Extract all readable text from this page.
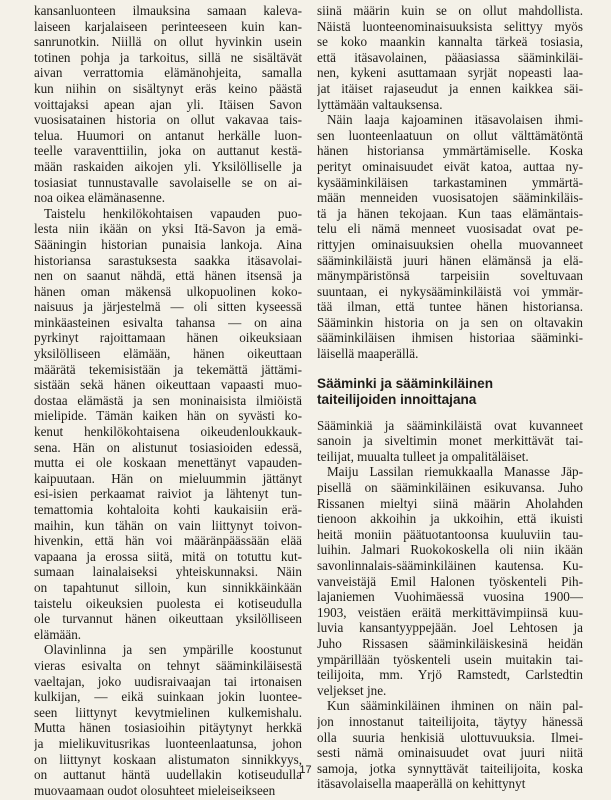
kansanluonteen ilmauksina samaan kaleva-
laiseen karjalaiseen perinteeseen kuin kan-
sanrunotkin. Niillä on ollut hyvinkin usein
totinen pohja ja tarkoitus, sillä ne sisältävät
aivan verrattomia elämänohjeita, samalla
kun niihin on sisältynyt eräs keino päästä
voittajaksi apean ajan yli. Itäisen Savon
vuosisatainen historia on ollut vakavaa tais-
telua. Huumori on antanut herkälle luon-
teelle varaventtiilin, joka on auttanut kestä-
mään raskaiden aikojen yli. Yksilölliselle ja
tosiasiat tunnustavalle savolaiselle se on ai-
noa oikea elämänasenne.

Taistelu henkilökohtaisen vapauden puo-
lesta niin ikään on yksi Itä-Savon ja emä-
Sääningin historian punaisia lankoja. Aina
historiansa sarastuksesta saakka itäsavolai-
nen on saanut nähdä, että hänen itsensä ja
hänen oman mäkensä ulkopuolinen koko-
naisuus ja järjestelmä — oli sitten kyseessä
minkäasteinen esivalta tahansa — on aina
pyrkinyt rajoittamaan hänen oikeuksiaan
yksilölliseen elämään, hänen oikeuttaan
määrätä tekemisistään ja tekemättä jättämi-
sistään sekä hänen oikeuttaan vapaasti muo-
dostaa elämästä ja sen moninaisista ilmiöistä
mielipide. Tämän kaiken hän on syvästi ko-
kenut henkilökohtaisena oikeudenloukkauk-
sena. Hän on alistunut tosiasioiden edessä,
mutta ei ole koskaan menettänyt vapauden-
kaipuutaan. Hän on mieluummin jättänyt
esi-isien perkaamat raiviot ja lähtenyt tun-
temattomia kohtaloita kohti kaukaisiin erä-
maihin, kun tähän on vain liittynyt toivon-
hivenkin, että hän voi määränpäässään elää
vapaana ja erossa siitä, mitä on totuttu kut-
sumaan lainalaiseksi yhteiskunnaksi. Näin
on tapahtunut silloin, kun sinnikkäinkään
taistelu oikeuksien puolesta ei kotiseudulla
ole turvannut hänen oikeuttaan yksilölliseen
elämään.

Olavinlinna ja sen ympärille koostunut
vieras esivalta on tehnyt sääminkiläisestä
vaeltajan, joko uudisraivaajan tai irtonaisen
kulkijan, — eikä suinkaan jokin luontee-
seen liittynyt kevytmielinen kulkemishalu.
Mutta hänen tosiasioihin pitäytynyt herkkä
ja mielikuvitusrikas luonteenlaatunsa, johon
on liittynyt koskaan alistumaton sinnikkyys,
on auttanut häntä uudellakin kotiseudulla
muovaamaan oudot olosuhteet mieleiseikseen

siinä määrin kuin se on ollut mahdollista.
Näistä luonteenominaisuuksista selittyy myös
se koko maankin kannalta tärkeä tosiasia,
että itäsavolainen, pääasiassa sääminkiläi-
nen, kykeni asuttamaan syrjät nopeasti laa-
jat itäiset rajaseudut ja ennen kaikkea säi-
lyttämään valtauksensa.

Näin laaja kajoaminen itäsavolaisen ihmi-
sen luonteenlaatuun on ollut välttämätöntä
hänen historiansa ymmärtämiselle. Koska
perityt ominaisuudet eivät katoa, auttaa ny-
kysääminkiläisen tarkastaminen ymmärtä-
mään menneiden vuosisatojen sääminkiläis-
tä ja hänen tekojaan. Kun taas elämäntais-
telu eli nämä menneet vuosisadat ovat pe-
rittyjen ominaisuuksien ohella muovanneet
sääminkiläistä juuri hänen elämänsä ja elä-
mänympäristönsä tarpeisiin soveltuvaan
suuntaan, ei nykysääminkiläistä voi ymmär-
tää ilman, että tuntee hänen historiansa.
Sääminkin historia on ja sen on oltavakin
sääminkiläisen ihmisen historiaa sääminki-
läisellä maaperällä.

Sääminki ja sääminkiläinen
taiteilijoiden innoittajana

Sääminkiä ja sääminkiläistä ovat kuvanneet
sanoin ja siveltimin monet merkittävät tai-
teilijat, muualta tulleet ja ompalitäläiset.

Maiju Lassilan riemukkaalla Manasse Jäp-
pisellä on sääminkiläinen esikuvansa. Juho
Rissanen mieltyi siinä määrin Aholahden
tienoon akkoihin ja ukkoihin, että ikuisti
heitä moniin päätuotantoonsa kuuluviin tau-
luihin. Jalmari Ruokokoskella oli niin ikään
savonlinnalais-sääminkiläinen kautensa. Ku-
vanveistäjä Emil Halonen työskenteli Pih-
lajaniemen Vuohimäessä vuosina 1900—
1903, veistäen eräitä merkittävimpiinsä kuu-
luvia kansantyyppejään. Joel Lehtosen ja
Juho Rissasen sääminkiläiskesinä heidän
ympärillään työskenteli usein muitakin tai-
teilijoita, mm. Yrjö Ramstedt, Carlstedtin
veljekset jne.

Kun sääminkiläinen ihminen on näin pal-
jon innostanut taiteilijoita, täytyy hänessä
olla suuria henkisiä ulottuvuuksia. Ilmei-
sesti nämä ominaisuudet ovat juuri niitä
samoja, jotka synnyttävät taiteilijoita, koska
itäsavolaisella maaperällä on kehittynyt

17
